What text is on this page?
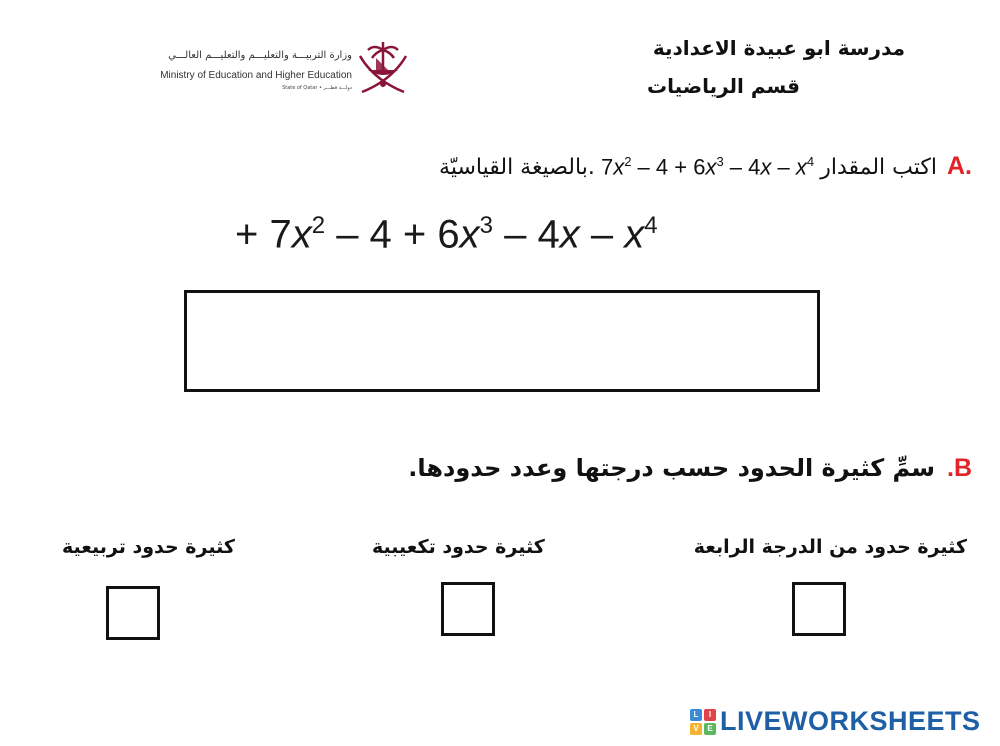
وزارة التربيـــة والتعليـــم والتعليـــم العالـــي
Ministry of Education and Higher Education
State of Qatar • دولـــة قطـــر
مدرسة ابو عبيدة الاعدادية
قسم الرياضيات
بالصيغة القياسيّة. $7x^2 - 4 + 6x^3 - 4x - x^4$ اكتب المقدار A.
+ $7x^2 - 4 + 6x^3 - 4x - x^4$
B.
سمِّ كثيرة الحدود حسب درجتها وعدد حدودها.
كثيرة حدود من الدرجة الرابعة
كثيرة حدود تكعيبية
كثيرة حدود تربيعية
L	I
V	E LIVEWORKSHEETS
